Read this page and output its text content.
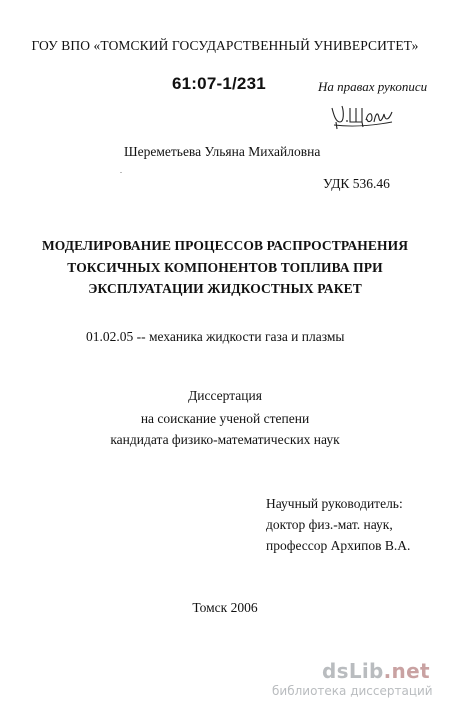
ГОУ ВПО «ТОМСКИЙ ГОСУДАРСТВЕННЫЙ УНИВЕРСИТЕТ»
61:07-1/231	На правах рукописи
Шереметьева Ульяна Михайловна
УДК 536.46
МОДЕЛИРОВАНИЕ ПРОЦЕССОВ РАСПРОСТРАНЕНИЯ
ТОКСИЧНЫХ КОМПОНЕНТОВ ТОПЛИВА ПРИ
ЭКСПЛУАТАЦИИ ЖИДКОСТНЫХ РАКЕТ
01.02.05 -- механика жидкости газа и плазмы
Диссертация
на соискание ученой степени
кандидата физико-математических наук
Научный руководитель:
доктор физ.-мат. наук,
профессор Архипов В.А.
Томск 2006
dsLib.net
библиотека диссертаций
